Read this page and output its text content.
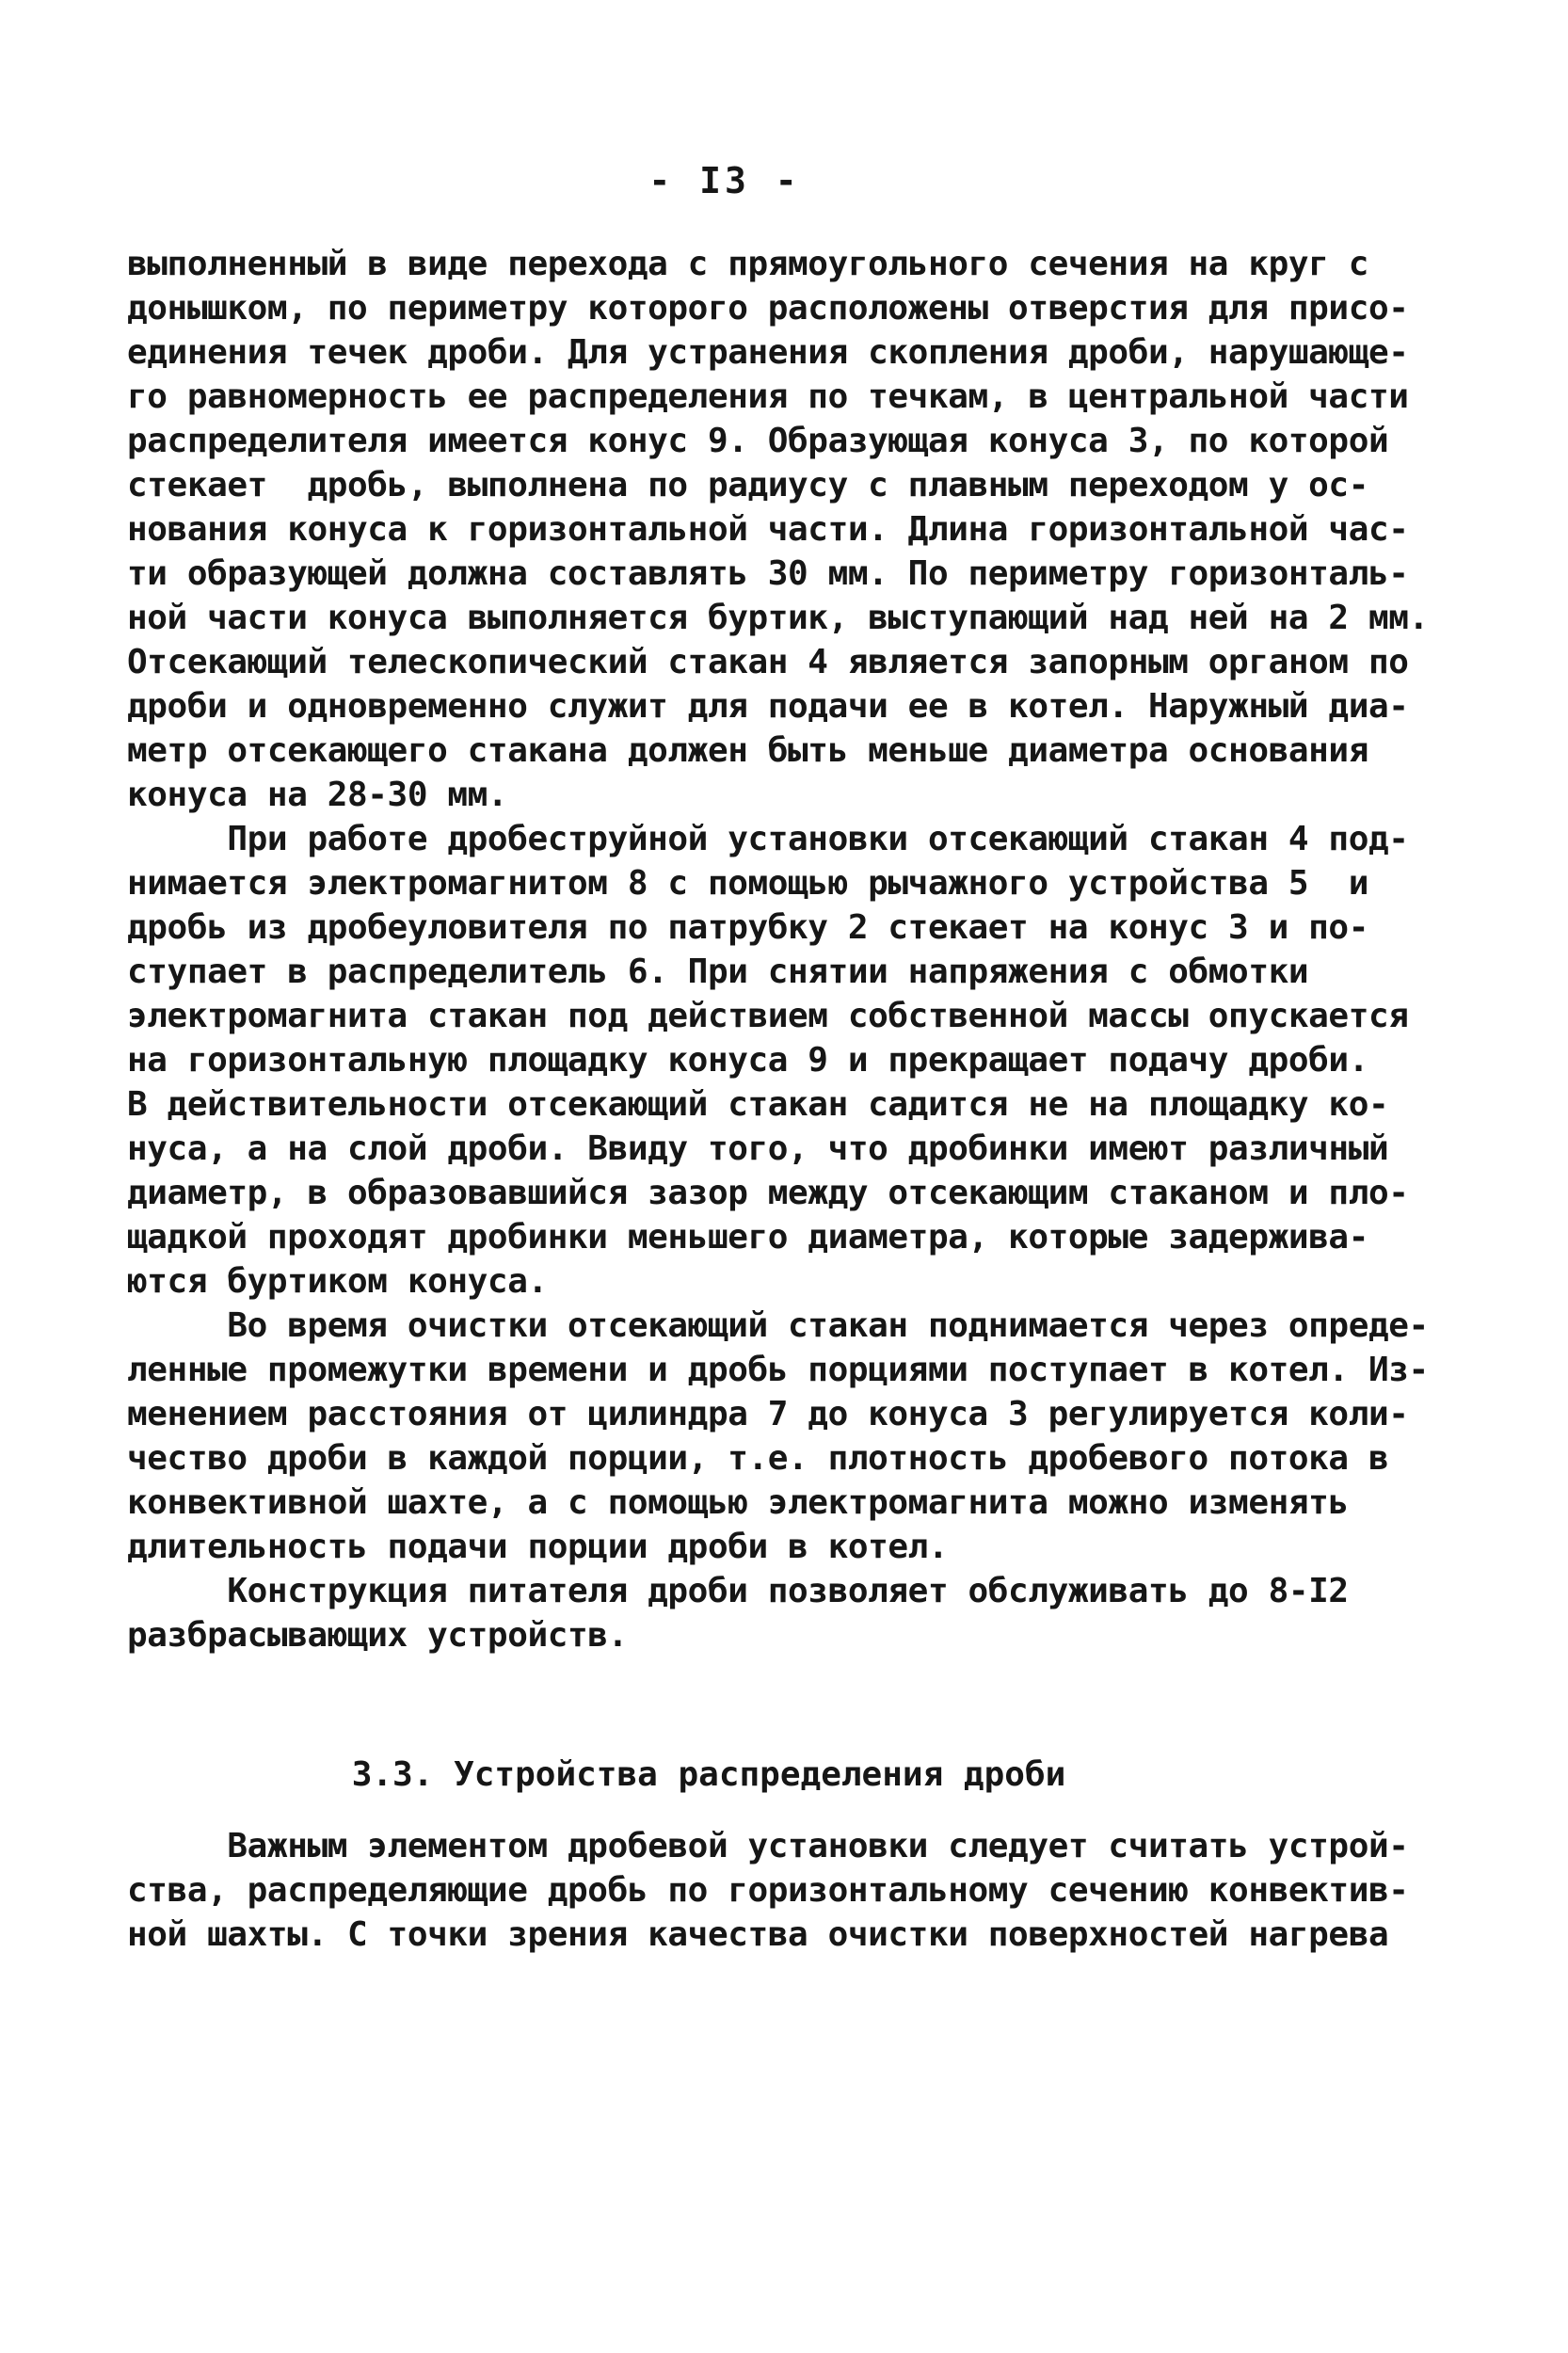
- I3 -
выполненный в виде перехода с прямоугольного сечения на круг с
донышком, по периметру которого расположены отверстия для присо-
единения течек дроби. Для устранения скопления дроби, нарушающе-
го равномерность ее распределения по течкам, в центральной части
распределителя имеется конус 9. Образующая конуса 3, по которой
стекает  дробь, выполнена по радиусу с плавным переходом у ос-
нования конуса к горизонтальной части. Длина горизонтальной час-
ти образующей должна составлять 30 мм. По периметру горизонталь-
ной части конуса выполняется буртик, выступающий над ней на 2 мм.
Отсекающий телескопический стакан 4 является запорным органом по
дроби и одновременно служит для подачи ее в котел. Наружный диа-
метр отсекающего стакана должен быть меньше диаметра основания
конуса на 28-30 мм.
При работе дробеструйной установки отсекающий стакан 4 под-
нимается электромагнитом 8 с помощью рычажного устройства 5  и
дробь из дробеуловителя по патрубку 2 стекает на конус 3 и по-
ступает в распределитель 6. При снятии напряжения с обмотки
электромагнита стакан под действием собственной массы опускается
на горизонтальную площадку конуса 9 и прекращает подачу дроби.
В действительности отсекающий стакан садится не на площадку ко-
нуса, а на слой дроби. Ввиду того, что дробинки имеют различный
диаметр, в образовавшийся зазор между отсекающим стаканом и пло-
щадкой проходят дробинки меньшего диаметра, которые задержива-
ются буртиком конуса.
Во время очистки отсекающий стакан поднимается через опреде-
ленные промежутки времени и дробь порциями поступает в котел. Из-
менением расстояния от цилиндра 7 до конуса 3 регулируется коли-
чество дроби в каждой порции, т.е. плотность дробевого потока в
конвективной шахте, а с помощью электромагнита можно изменять
длительность подачи порции дроби в котел.
Конструкция питателя дроби позволяет обслуживать до 8-I2
разбрасывающих устройств.
3.3. Устройства распределения дроби
Важным элементом дробевой установки следует считать устрой-
ства, распределяющие дробь по горизонтальному сечению конвектив-
ной шахты. С точки зрения качества очистки поверхностей нагрева
